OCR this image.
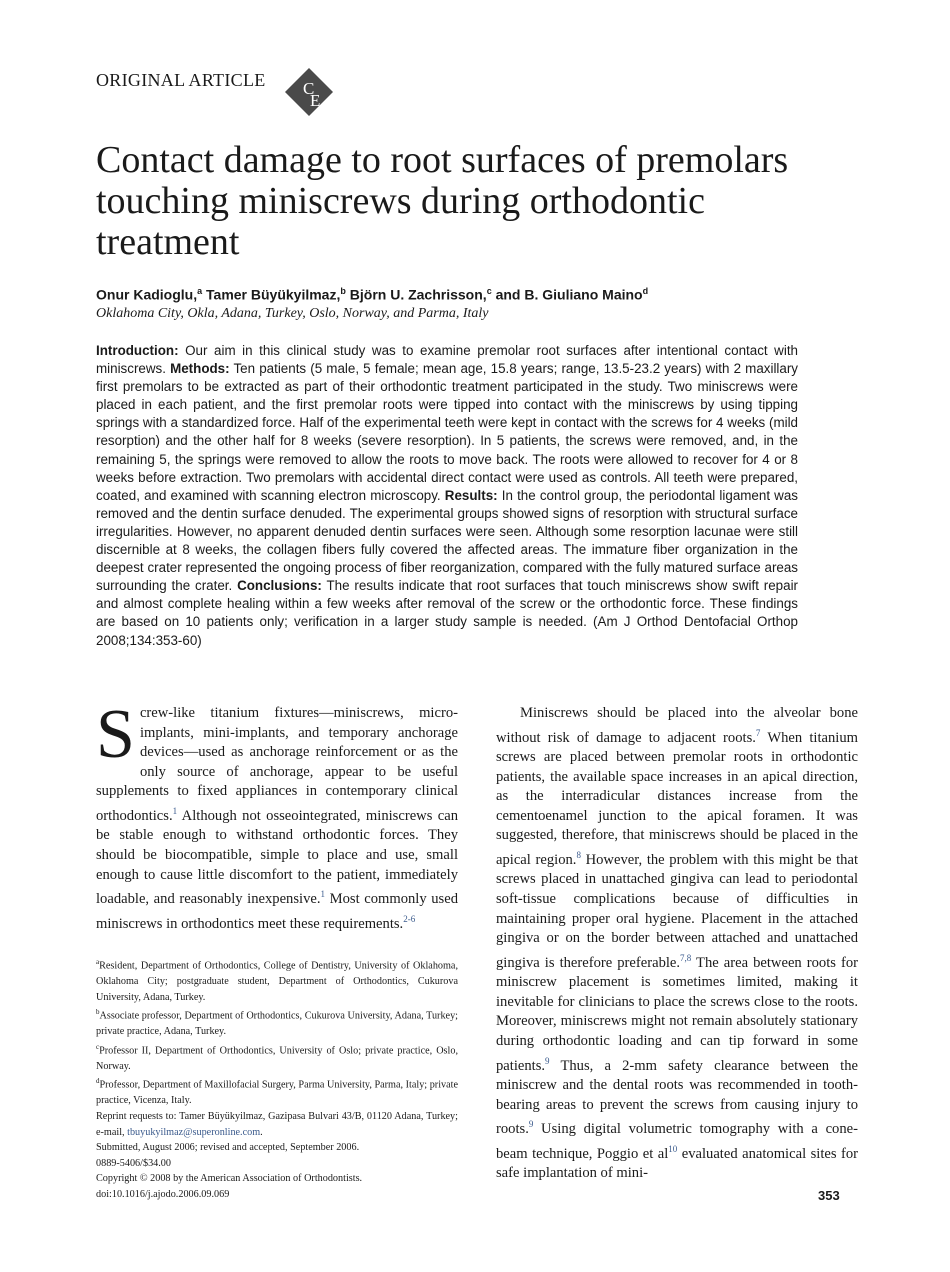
ORIGINAL ARTICLE C
E
Contact damage to root surfaces of premolars touching miniscrews during orthodontic treatment
Onur Kadioglu,$^a$ Tamer Büyükyilmaz,$^b$ Björn U. Zachrisson,$^c$ and B. Giuliano Maino$^d$
Oklahoma City, Okla, Adana, Turkey, Oslo, Norway, and Parma, Italy

Introduction: Our aim in this clinical study was to examine premolar root surfaces after intentional contact with miniscrews. Methods: Ten patients (5 male, 5 female; mean age, 15.8 years; range, 13.5-23.2 years) with 2 maxillary first premolars to be extracted as part of their orthodontic treatment participated in the study. Two miniscrews were placed in each patient, and the first premolar roots were tipped into contact with the miniscrews by using tipping springs with a standardized force. Half of the experimental teeth were kept in contact with the screws for 4 weeks (mild resorption) and the other half for 8 weeks (severe resorption). In 5 patients, the screws were removed, and, in the remaining 5, the springs were removed to allow the roots to move back. The roots were allowed to recover for 4 or 8 weeks before extraction. Two premolars with accidental direct contact were used as controls. All teeth were prepared, coated, and examined with scanning electron microscopy. Results: In the control group, the periodontal ligament was removed and the dentin surface denuded. The experimental groups showed signs of resorption with structural surface irregularities. However, no apparent denuded dentin surfaces were seen. Although some resorption lacunae were still discernible at 8 weeks, the collagen fibers fully covered the affected areas. The immature fiber organization in the deepest crater represented the ongoing process of fiber reorganization, compared with the fully matured surface areas surrounding the crater. Conclusions: The results indicate that root surfaces that touch miniscrews show swift repair and almost complete healing within a few weeks after removal of the screw or the orthodontic force. These findings are based on 10 patients only; verification in a larger study sample is needed. (Am J Orthod Dentofacial Orthop 2008;134:353-60)

Screw-like titanium fixtures—miniscrews, micro-implants, mini-implants, and temporary anchorage devices—used as anchorage reinforcement or as the only source of anchorage, appear to be useful supplements to fixed appliances in contemporary clinical orthodontics.$^1$ Although not osseointegrated, miniscrews can be stable enough to withstand orthodontic forces. They should be biocompatible, simple to place and use, small enough to cause little discomfort to the patient, immediately loadable, and reasonably inexpensive.$^1$ Most commonly used miniscrews in orthodontics meet these requirements.$^{2-6}$

$^a$Resident, Department of Orthodontics, College of Dentistry, University of Oklahoma, Oklahoma City; postgraduate student, Department of Orthodontics, Cukurova University, Adana, Turkey.

$^b$Associate professor, Department of Orthodontics, Cukurova University, Adana, Turkey; private practice, Adana, Turkey.

$^c$Professor II, Department of Orthodontics, University of Oslo; private practice, Oslo, Norway.

$^d$Professor, Department of Maxillofacial Surgery, Parma University, Parma, Italy; private practice, Vicenza, Italy.

Reprint requests to: Tamer Büyükyilmaz, Gazipasa Bulvari 43/B, 01120 Adana, Turkey; e-mail, tbuyukyilmaz@superonline.com.

Submitted, August 2006; revised and accepted, September 2006.

0889-5406/$34.00

Copyright © 2008 by the American Association of Orthodontists.

doi:10.1016/j.ajodo.2006.09.069

Miniscrews should be placed into the alveolar bone without risk of damage to adjacent roots.$^7$ When titanium screws are placed between premolar roots in orthodontic patients, the available space increases in an apical direction, as the interradicular distances increase from the cementoenamel junction to the apical foramen. It was suggested, therefore, that miniscrews should be placed in the apical region.$^8$ However, the problem with this might be that screws placed in unattached gingiva can lead to periodontal soft-tissue complications because of difficulties in maintaining proper oral hygiene. Placement in the attached gingiva or on the border between attached and unattached gingiva is therefore preferable.$^{7,8}$ The area between roots for miniscrew placement is sometimes limited, making it inevitable for clinicians to place the screws close to the roots. Moreover, miniscrews might not remain absolutely stationary during orthodontic loading and can tip forward in some patients.$^9$ Thus, a 2-mm safety clearance between the miniscrew and the dental roots was recommended in tooth-bearing areas to prevent the screws from causing injury to roots.$^9$ Using digital volumetric tomography with a cone-beam technique, Poggio et $al^{10}$ evaluated anatomical sites for safe implantation of mini-

353
